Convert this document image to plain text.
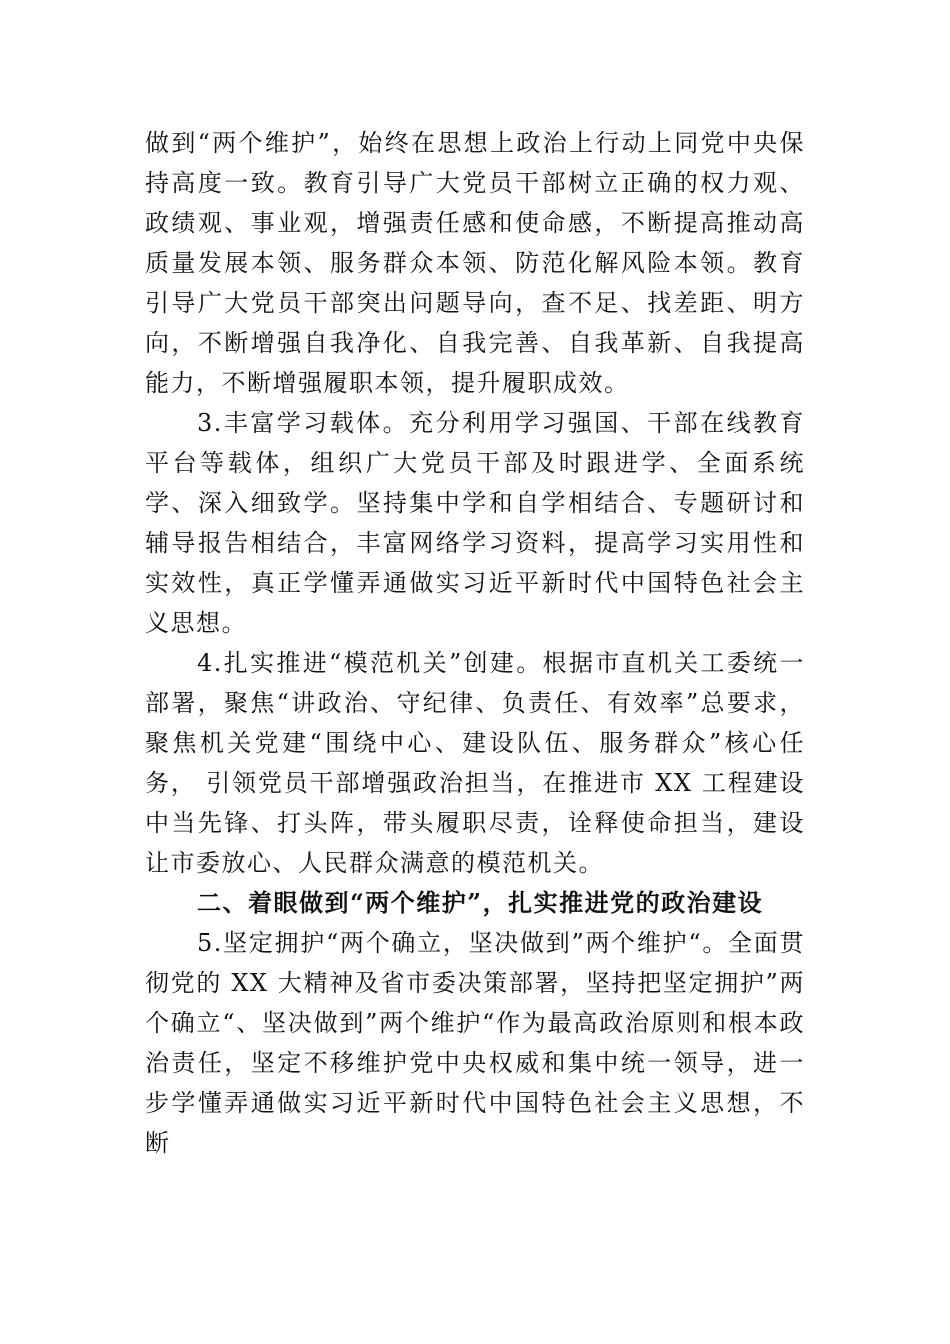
做到“两个维护”，始终在思想上政治上行动上同党中央保持高度一致。教育引导广大党员干部树立正确的权力观、政绩观、事业观，增强责任感和使命感，不断提高推动高质量发展本领、服务群众本领、防范化解风险本领。教育引导广大党员干部突出问题导向，查不足、找差距、明方向，不断增强自我净化、自我完善、自我革新、自我提高能力，不断增强履职本领，提升履职成效。

3.丰富学习载体。充分利用学习强国、干部在线教育平台等载体，组织广大党员干部及时跟进学、全面系统学、深入细致学。坚持集中学和自学相结合、专题研讨和辅导报告相结合，丰富网络学习资料，提高学习实用性和实效性，真正学懂弄通做实习近平新时代中国特色社会主义思想。

4.扎实推进“模范机关”创建。根据市直机关工委统一部署，聚焦“讲政治、守纪律、负责任、有效率”总要求，聚焦机关党建“围绕中心、建设队伍、服务群众”核心任务， 引领党员干部增强政治担当，在推进市 XX 工程建设中当先锋、打头阵，带头履职尽责，诠释使命担当，建设让市委放心、人民群众满意的模范机关。

二、着眼做到“两个维护”，扎实推进党的政治建设

5.坚定拥护“两个确立，坚决做到”两个维护“。全面贯彻党的 XX 大精神及省市委决策部署，坚持把坚定拥护”两个确立“、坚决做到”两个维护“作为最高政治原则和根本政治责任，坚定不移维护党中央权威和集中统一领导，进一步学懂弄通做实习近平新时代中国特色社会主义思想，不断
